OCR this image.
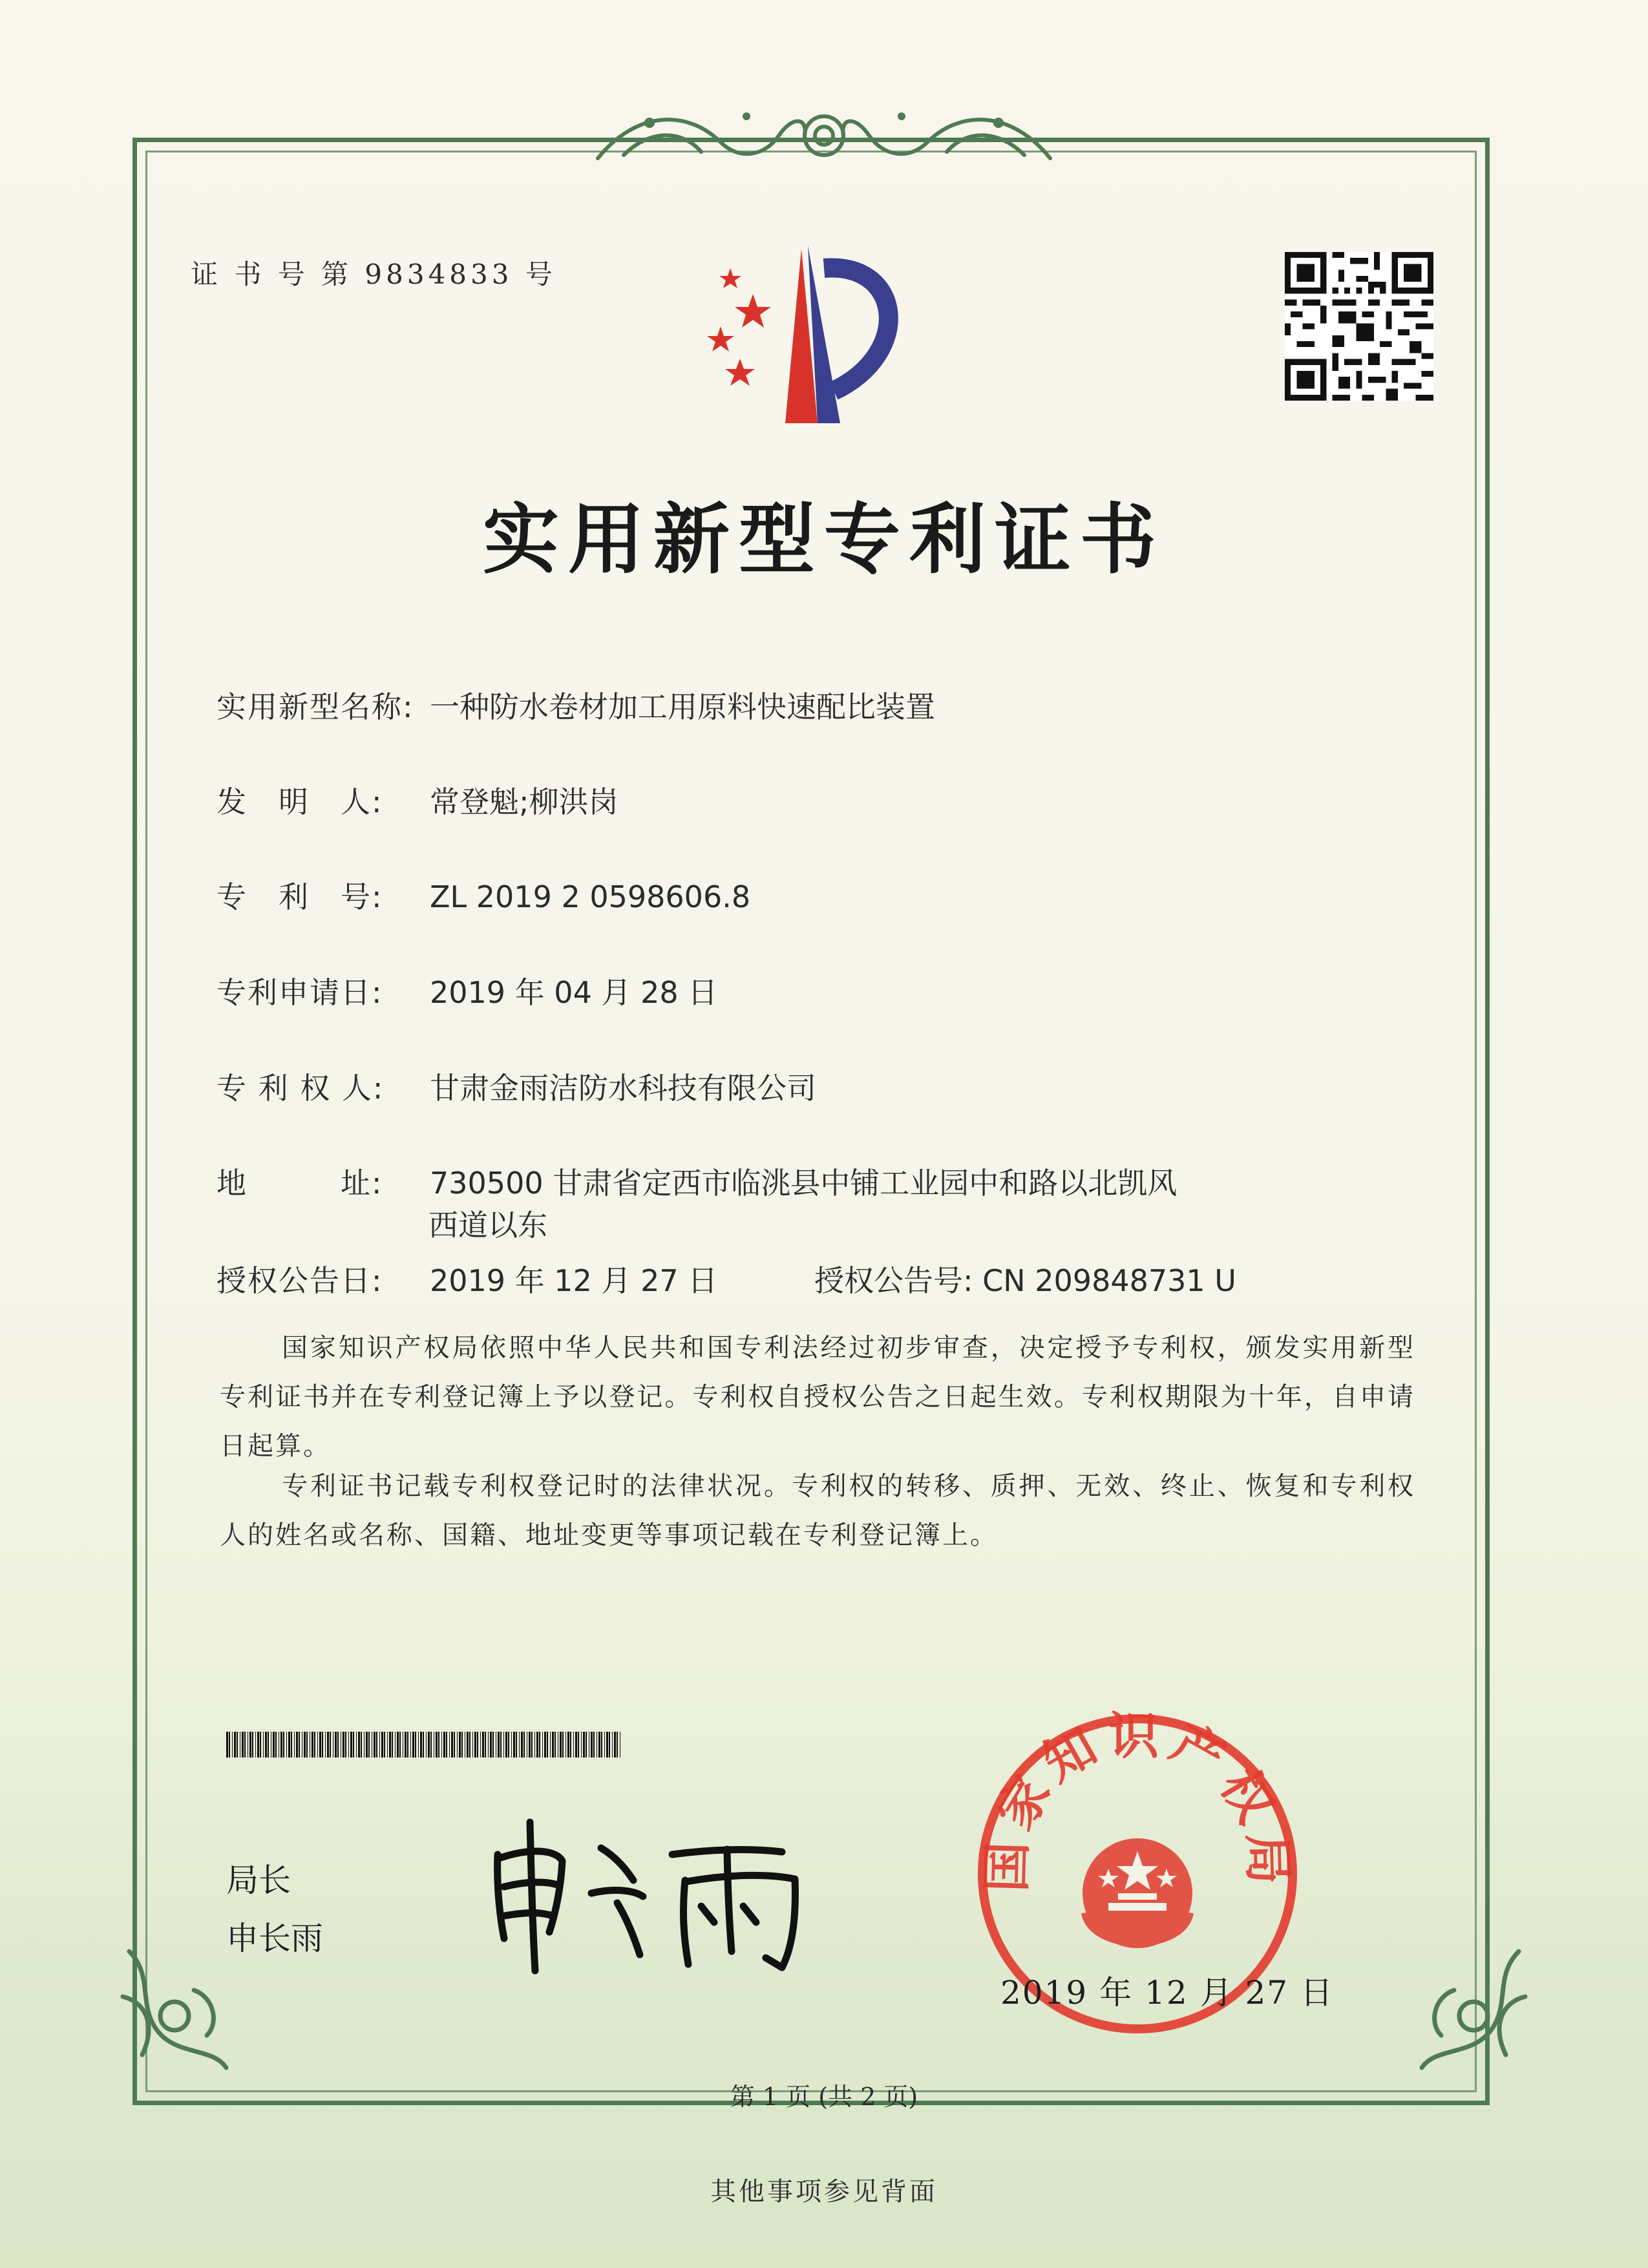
证 书 号 第 9834833 号
实用新型专利证书
实用新型名称: 一种防水卷材加工用原料快速配比装置
发　明　人: 常登魁;柳洪岗
专　利　号: ZL 2019 2 0598606.8
专利申请日: 2019 年 04 月 28 日
专 利 权 人: 甘肃金雨洁防水科技有限公司
地　　　址: 730500 甘肃省定西市临洮县中铺工业园中和路以北凯风
西道以东
授权公告日: 2019 年 12 月 27 日	授权公告号: CN 209848731 U
国家知识产权局依照中华人民共和国专利法经过初步审查，决定授予专利权，颁发实用新型专利证书并在专利登记簿上予以登记。专利权自授权公告之日起生效。专利权期限为十年，自申请日起算。
专利证书记载专利权登记时的法律状况。专利权的转移、质押、无效、终止、恢复和专利权人的姓名或名称、国籍、地址变更等事项记载在专利登记簿上。
局长
申长雨
国家知识产权局
2019 年 12 月 27 日
第 1 页 (共 2 页)
其他事项参见背面
